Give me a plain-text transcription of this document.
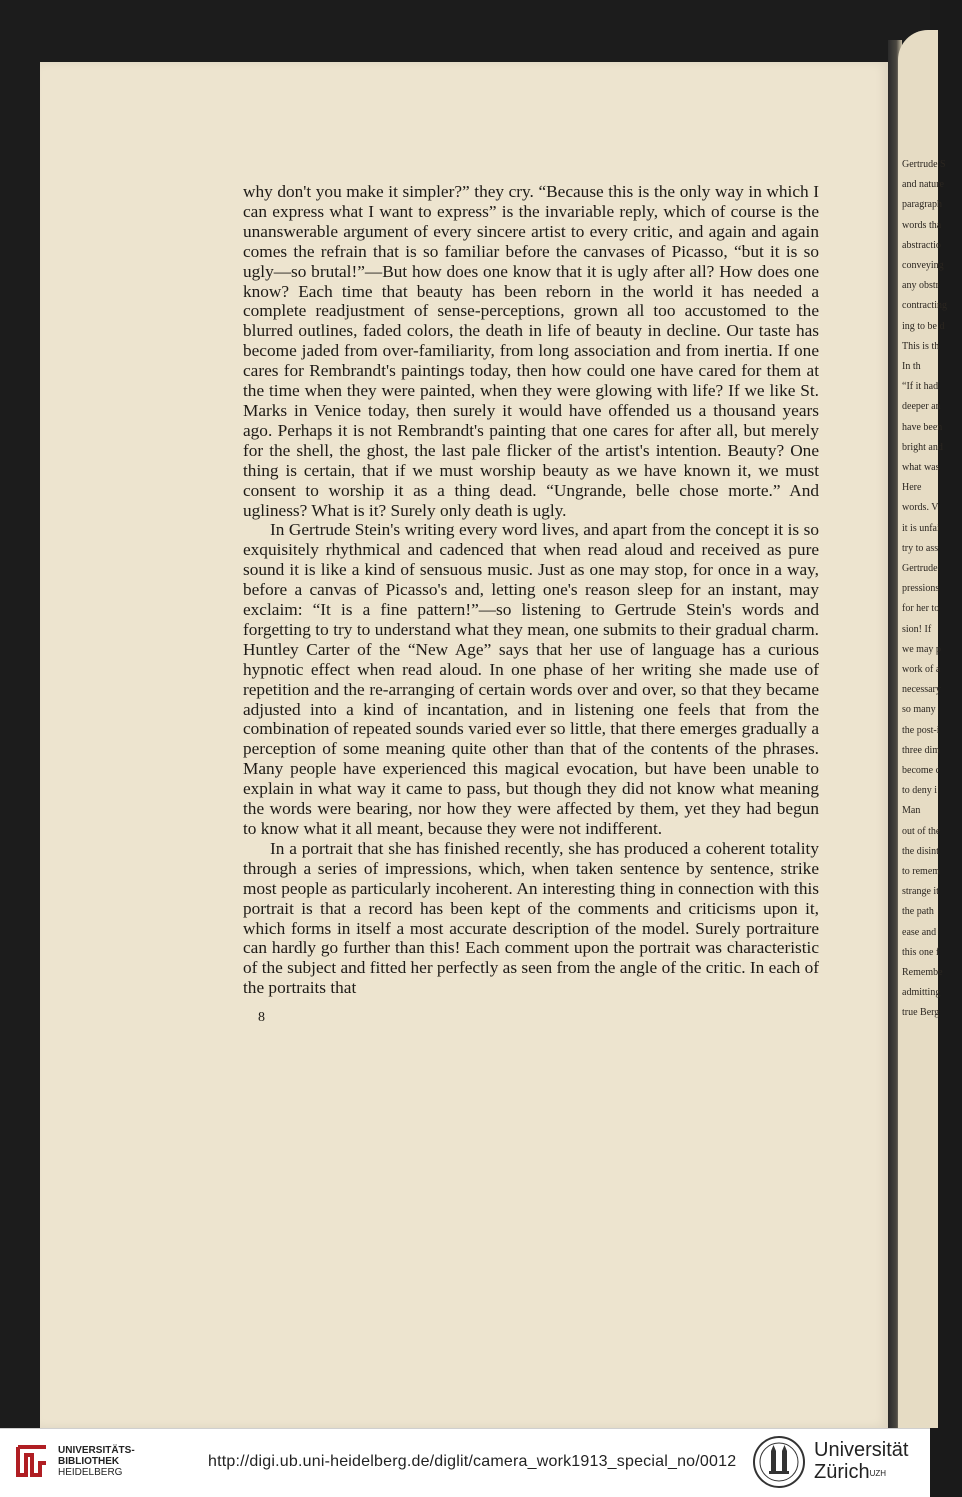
Gertrude S
and nature
paragraph
words tha
abstractio
conveying
any obstr
contracting
ing to be d
This is th
In th
“If it had
deeper an
have been
bright and
what was
Here
words. V
it is unfai
try to ass
Gertrude
pressions
for her to
sion! If
we may p
work of a
necessary
so many
the post-i
three dim
become c
to deny i
Man
out of the
the disint
to remem
strange it
the path
ease and
this one f
Remembe
admitting
true Berg

why don't you make it simpler?” they cry. “Because this is the only way in which I can express what I want to express” is the invariable reply, which of course is the unanswerable argument of every sincere artist to every critic, and again and again comes the refrain that is so familiar before the canvases of Picasso, “but it is so ugly—so brutal!”—But how does one know that it is ugly after all? How does one know? Each time that beauty has been reborn in the world it has needed a complete readjustment of sense-perceptions, grown all too accustomed to the blurred outlines, faded colors, the death in life of beauty in decline. Our taste has become jaded from over-familiarity, from long association and from inertia. If one cares for Rembrandt's paintings today, then how could one have cared for them at the time when they were painted, when they were glowing with life? If we like St. Marks in Venice today, then surely it would have offended us a thousand years ago. Perhaps it is not Rembrandt's painting that one cares for after all, but merely for the shell, the ghost, the last pale flicker of the artist's intention. Beauty? One thing is certain, that if we must worship beauty as we have known it, we must consent to worship it as a thing dead. “Ungrande, belle chose morte.” And ugliness? What is it? Surely only death is ugly.

In Gertrude Stein's writing every word lives, and apart from the concept it is so exquisitely rhythmical and cadenced that when read aloud and received as pure sound it is like a kind of sensuous music. Just as one may stop, for once in a way, before a canvas of Picasso's and, letting one's reason sleep for an instant, may exclaim: “It is a fine pattern!”—so listening to Gertrude Stein's words and forgetting to try to understand what they mean, one submits to their gradual charm. Huntley Carter of the “New Age” says that her use of language has a curious hypnotic effect when read aloud. In one phase of her writing she made use of repetition and the re-arranging of certain words over and over, so that they became adjusted into a kind of incantation, and in listening one feels that from the combination of repeated sounds varied ever so little, that there emerges gradually a perception of some meaning quite other than that of the contents of the phrases. Many people have experienced this magical evocation, but have been unable to explain in what way it came to pass, but though they did not know what meaning the words were bearing, nor how they were affected by them, yet they had begun to know what it all meant, because they were not indifferent.

In a portrait that she has finished recently, she has produced a coherent totality through a series of impressions, which, when taken sentence by sentence, strike most people as particularly incoherent. An interesting thing in connection with this portrait is that a record has been kept of the comments and criticisms upon it, which forms in itself a most accurate description of the model. Surely portraiture can hardly go further than this! Each comment upon the portrait was characteristic of the subject and fitted her perfectly as seen from the angle of the critic. In each of the portraits that

8
UNIVERSITÄTS-
BIBLIOTHEK
HEIDELBERG
http://digi.ub.uni-heidelberg.de/diglit/camera_work1913_special_no/0012
Universität
Zürich$^{UZH}$
